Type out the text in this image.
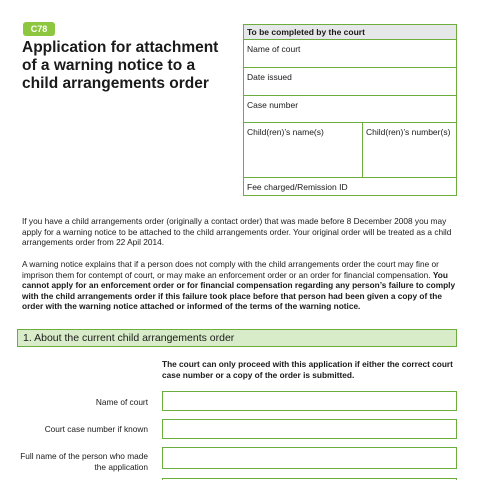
C78
Application for attachment of a warning notice to a child arrangements order
To be completed by the court
Name of court
Date issued
Case number
Child(ren)’s name(s)	Child(ren)’s number(s)
Fee charged/Remission ID

If you have a child arrangements order (originally a contact order) that was made before 8 December 2008 you may apply for a warning notice to be attached to the child arrangements order. Your original order will be treated as a child arrangements order from 22 Apil 2014.

A warning notice explains that if a person does not comply with the child arrangements order the court may fine or imprison them for contempt of court, or may make an enforcement order or an order for financial compensation. You cannot apply for an enforcement order or for financial compensation regarding any person’s failure to comply with the child arrangements order if this failure took place before that person had been given a copy of the order with the warning notice attached or informed of the terms of the warning notice.

1. About the current child arrangements order

The court can only proceed with this application if either the correct court case number or a copy of the order is submitted.

Name of court
Court case number if known
Full name of the person who made the application
